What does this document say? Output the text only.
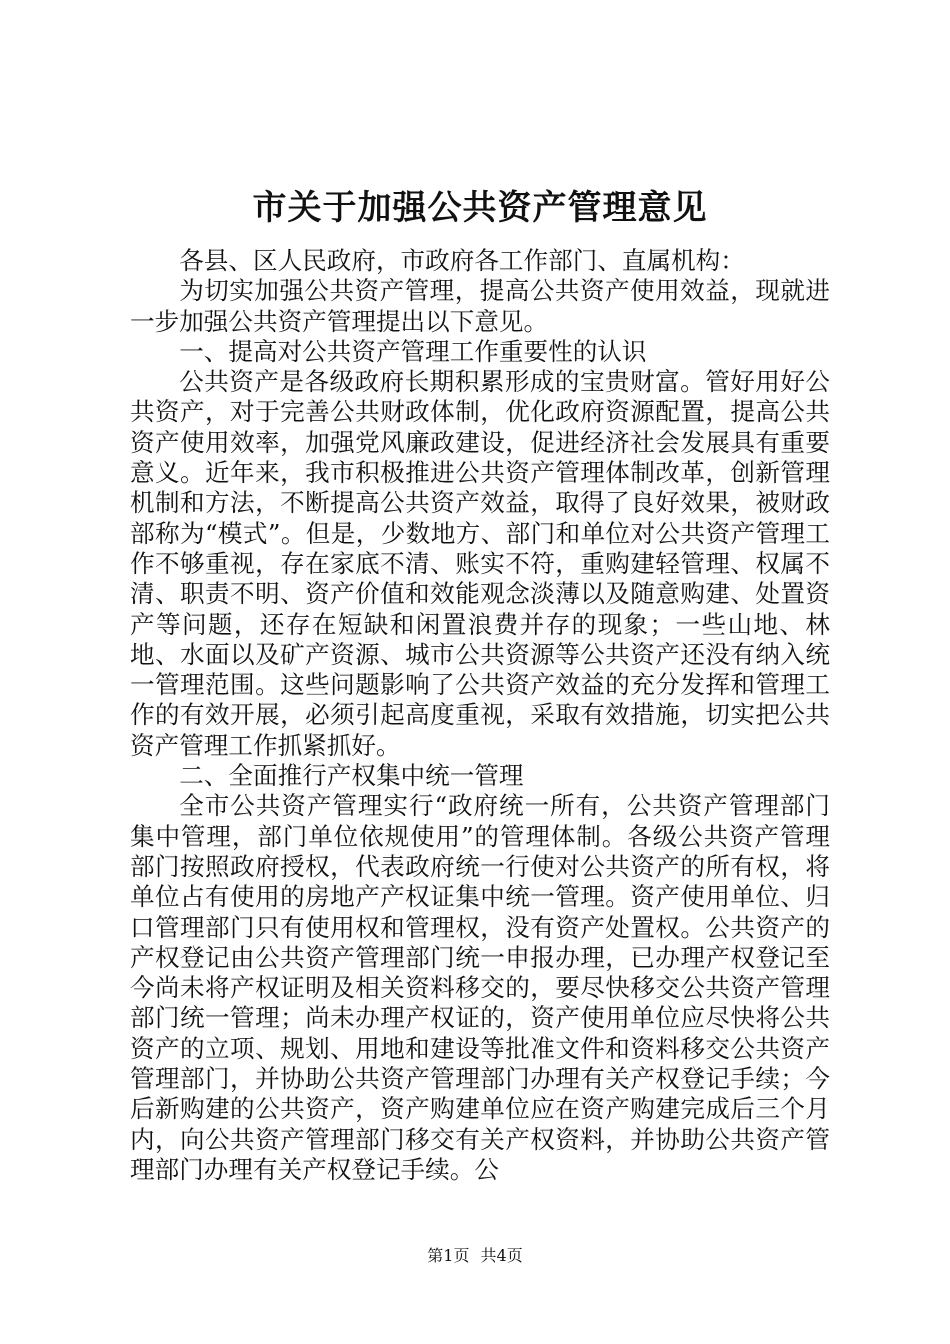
市关于加强公共资产管理意见

各县、区人民政府，市政府各工作部门、直属机构：

为切实加强公共资产管理，提高公共资产使用效益，现就进一步加强公共资产管理提出以下意见。

一、提高对公共资产管理工作重要性的认识

公共资产是各级政府长期积累形成的宝贵财富。管好用好公共资产，对于完善公共财政体制，优化政府资源配置，提高公共资产使用效率，加强党风廉政建设，促进经济社会发展具有重要意义。近年来，我市积极推进公共资产管理体制改革，创新管理机制和方法，不断提高公共资产效益，取得了良好效果，被财政部称为“模式”。但是，少数地方、部门和单位对公共资产管理工作不够重视，存在家底不清、账实不符，重购建轻管理、权属不清、职责不明、资产价值和效能观念淡薄以及随意购建、处置资产等问题，还存在短缺和闲置浪费并存的现象；一些山地、林地、水面以及矿产资源、城市公共资源等公共资产还没有纳入统一管理范围。这些问题影响了公共资产效益的充分发挥和管理工作的有效开展，必须引起高度重视，采取有效措施，切实把公共资产管理工作抓紧抓好。

二、全面推行产权集中统一管理

全市公共资产管理实行“政府统一所有，公共资产管理部门集中管理，部门单位依规使用”的管理体制。各级公共资产管理部门按照政府授权，代表政府统一行使对公共资产的所有权，将单位占有使用的房地产产权证集中统一管理。资产使用单位、归口管理部门只有使用权和管理权，没有资产处置权。公共资产的产权登记由公共资产管理部门统一申报办理，已办理产权登记至今尚未将产权证明及相关资料移交的，要尽快移交公共资产管理部门统一管理；尚未办理产权证的，资产使用单位应尽快将公共资产的立项、规划、用地和建设等批准文件和资料移交公共资产管理部门，并协助公共资产管理部门办理有关产权登记手续；今后新购建的公共资产，资产购建单位应在资产购建完成后三个月内，向公共资产管理部门移交有关产权资料，并协助公共资产管理部门办理有关产权登记手续。公

第1页 共4页
